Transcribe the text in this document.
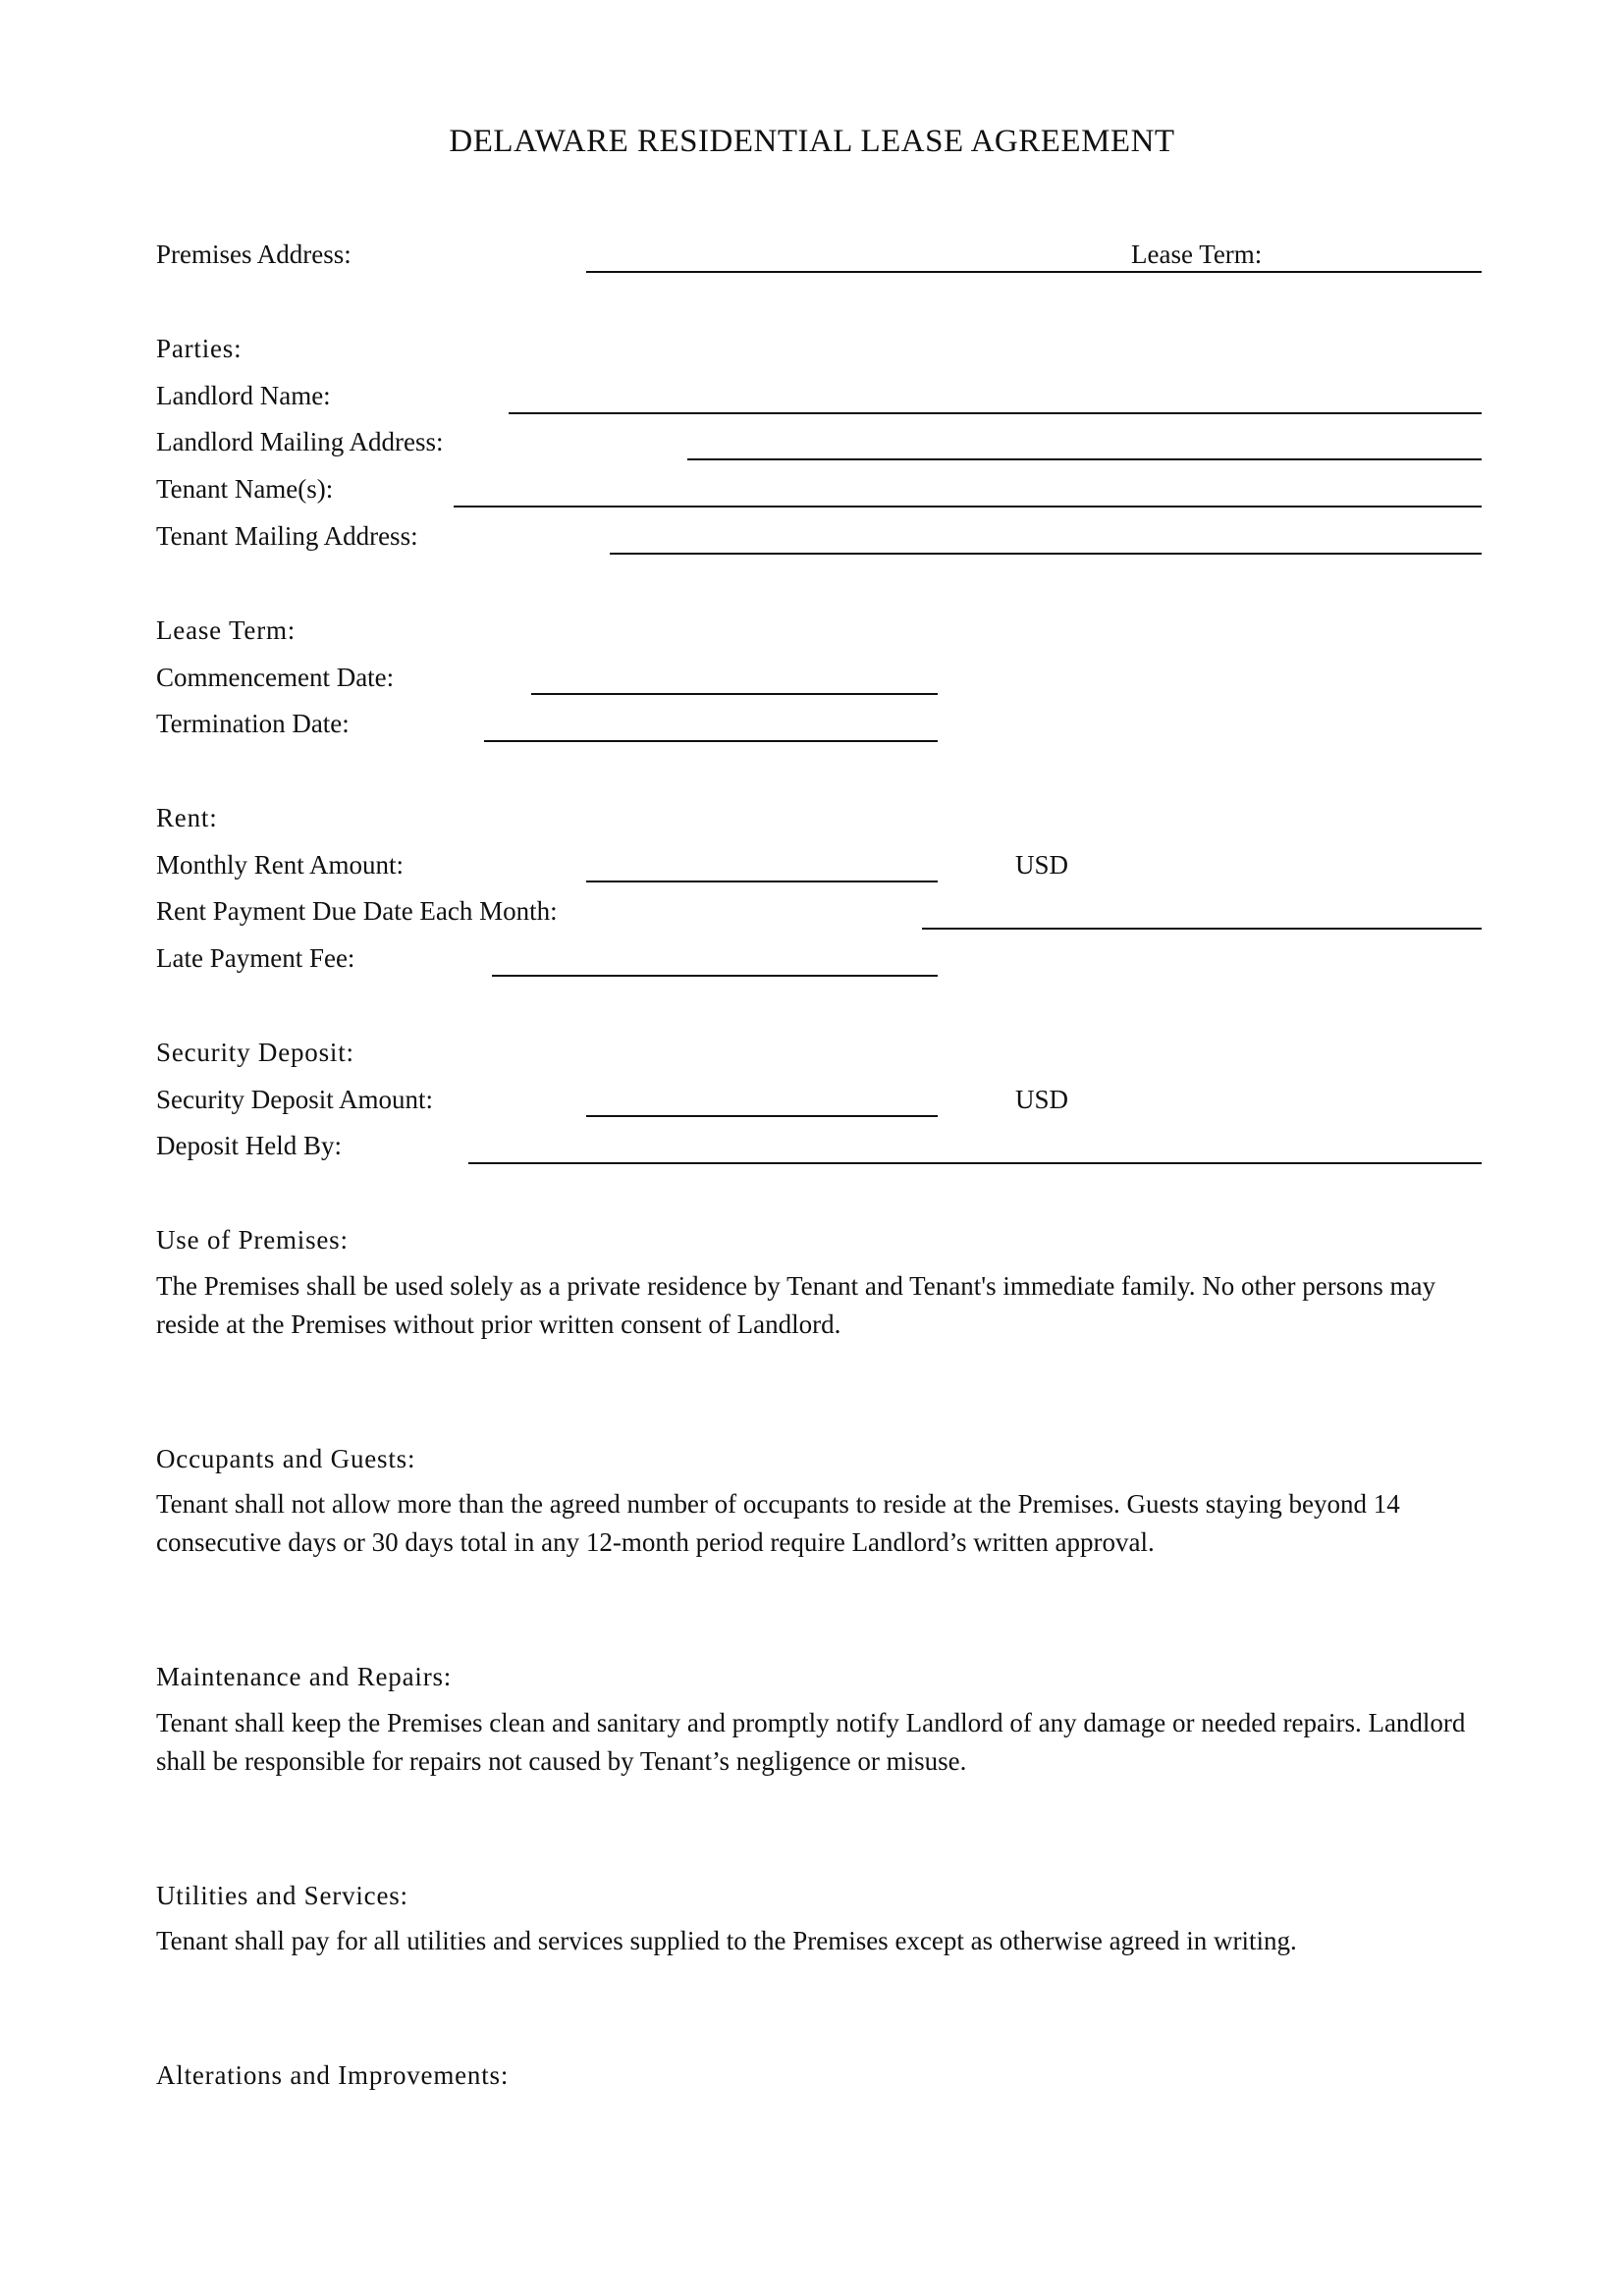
DELAWARE RESIDENTIAL LEASE AGREEMENT
Premises Address:	Lease Term:
Parties:
Landlord Name:
Landlord Mailing Address:
Tenant Name(s):
Tenant Mailing Address:
Lease Term:
Commencement Date:
Termination Date:
Rent:
Monthly Rent Amount:	USD
Rent Payment Due Date Each Month:
Late Payment Fee:
Security Deposit:
Security Deposit Amount:	USD
Deposit Held By:
Use of Premises:

The Premises shall be used solely as a private residence by Tenant and Tenant's immediate family. No other persons may reside at the Premises without prior written consent of Landlord.

Occupants and Guests:

Tenant shall not allow more than the agreed number of occupants to reside at the Premises. Guests staying beyond 14 consecutive days or 30 days total in any 12-month period require Landlord’s written approval.

Maintenance and Repairs:

Tenant shall keep the Premises clean and sanitary and promptly notify Landlord of any damage or needed repairs. Landlord shall be responsible for repairs not caused by Tenant’s negligence or misuse.

Utilities and Services:

Tenant shall pay for all utilities and services supplied to the Premises except as otherwise agreed in writing.

Alterations and Improvements:
